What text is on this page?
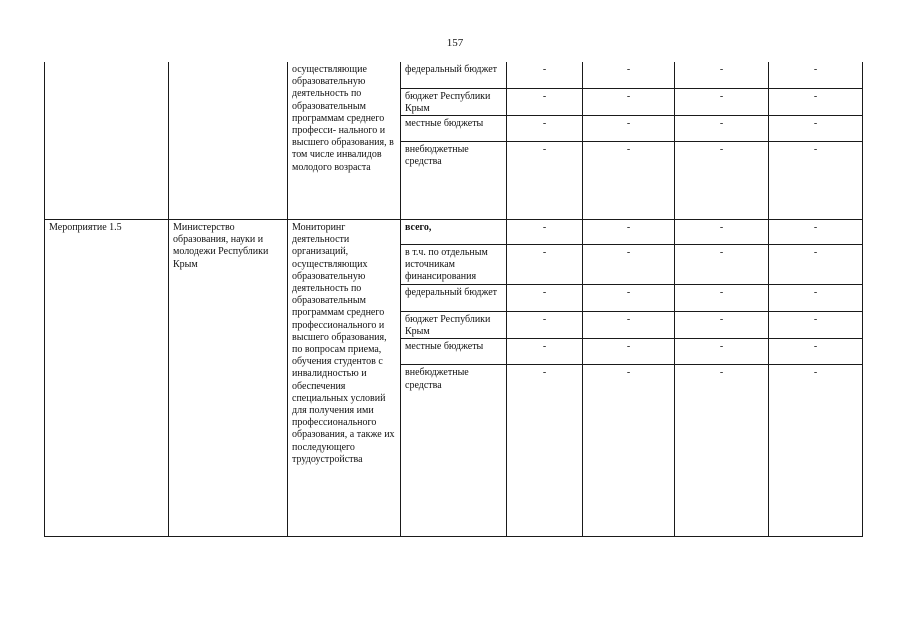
157
		осуществляющие образовательную деятельность по образовательным программам среднего професси- нального и высшего образования, в том числе инвалидов молодого возраста	федеральный бюджет	-	-	-	-
			бюджет Республики Крым	-	-	-	-
			местные бюджеты	-	-	-	-
			внебюджетные средства	-	-	-	-
Мероприятие 1.5	Министерство образования, науки и молодежи Республики Крым	Мониторинг деятельности организаций, осуществляющих образовательную деятельность по образовательным программам среднего профессионального и высшего образования, по вопросам приема, обучения студентов с инвалидностью и обеспечения специальных условий для получения ими профессионального образования, а также их последующего трудоустройства	всего,	-	-	-	-
			в т.ч. по отдельным источникам финансирования	-	-	-	-
			федеральный бюджет	-	-	-	-
			бюджет Республики Крым	-	-	-	-
			местные бюджеты	-	-	-	-
			внебюджетные средства	-	-	-	-
